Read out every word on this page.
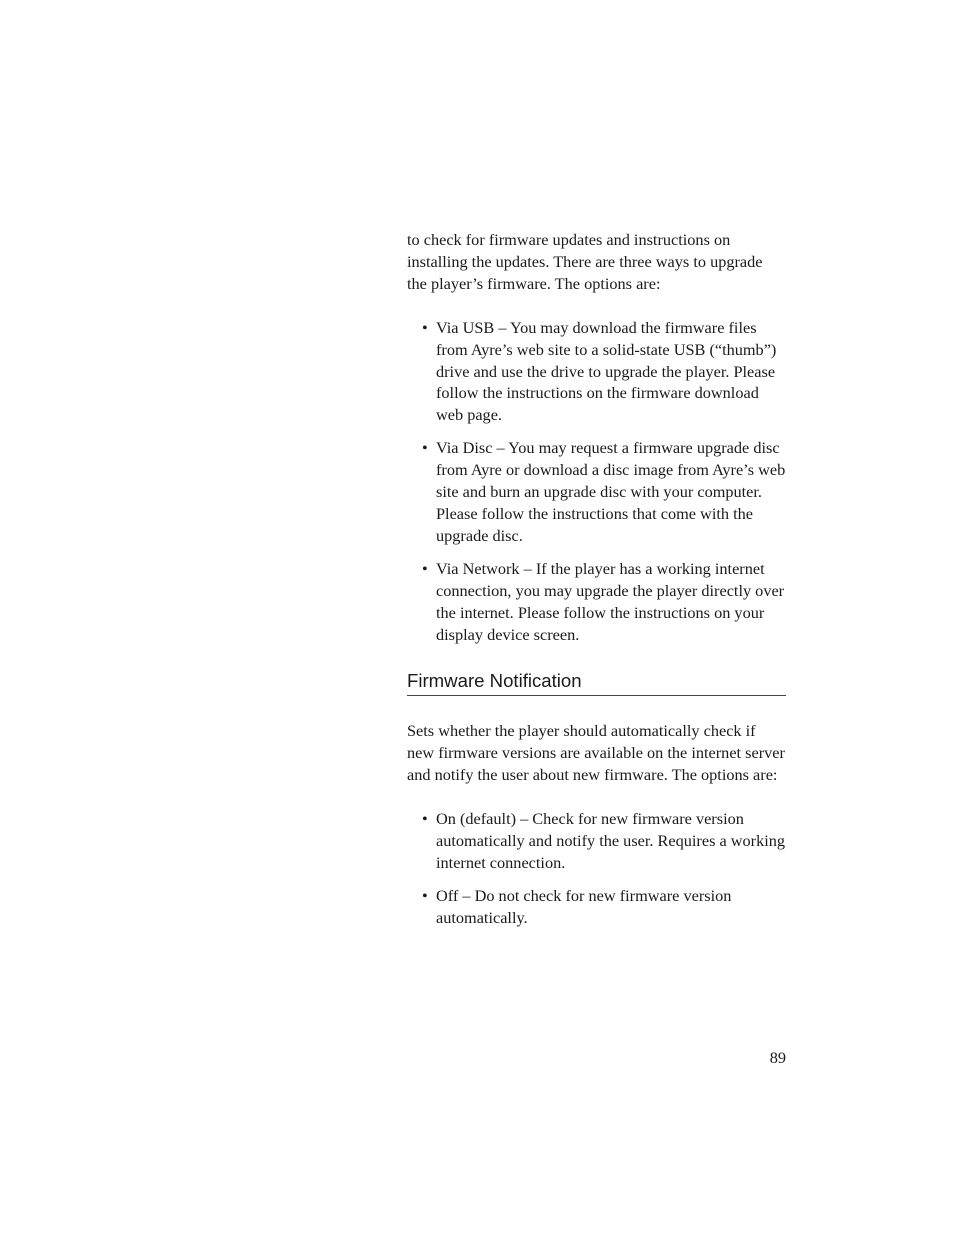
to check for firmware updates and instructions on installing the updates. There are three ways to upgrade the player’s firmware. The options are:

• Via USB – You may download the firmware files from Ayre’s web site to a solid-state USB (“thumb”) drive and use the drive to upgrade the player. Please follow the instructions on the firmware download web page.
• Via Disc – You may request a firmware upgrade disc from Ayre or download a disc image from Ayre’s web site and burn an upgrade disc with your computer. Please follow the instructions that come with the upgrade disc.
• Via Network – If the player has a working internet connection, you may upgrade the player directly over the internet. Please follow the instructions on your display device screen.
Firmware Notification

Sets whether the player should automatically check if new firmware versions are available on the internet server and notify the user about new firmware. The options are:

• On (default) – Check for new firmware version automatically and notify the user. Requires a working internet connection.
• Off – Do not check for new firmware version automatically.
89
